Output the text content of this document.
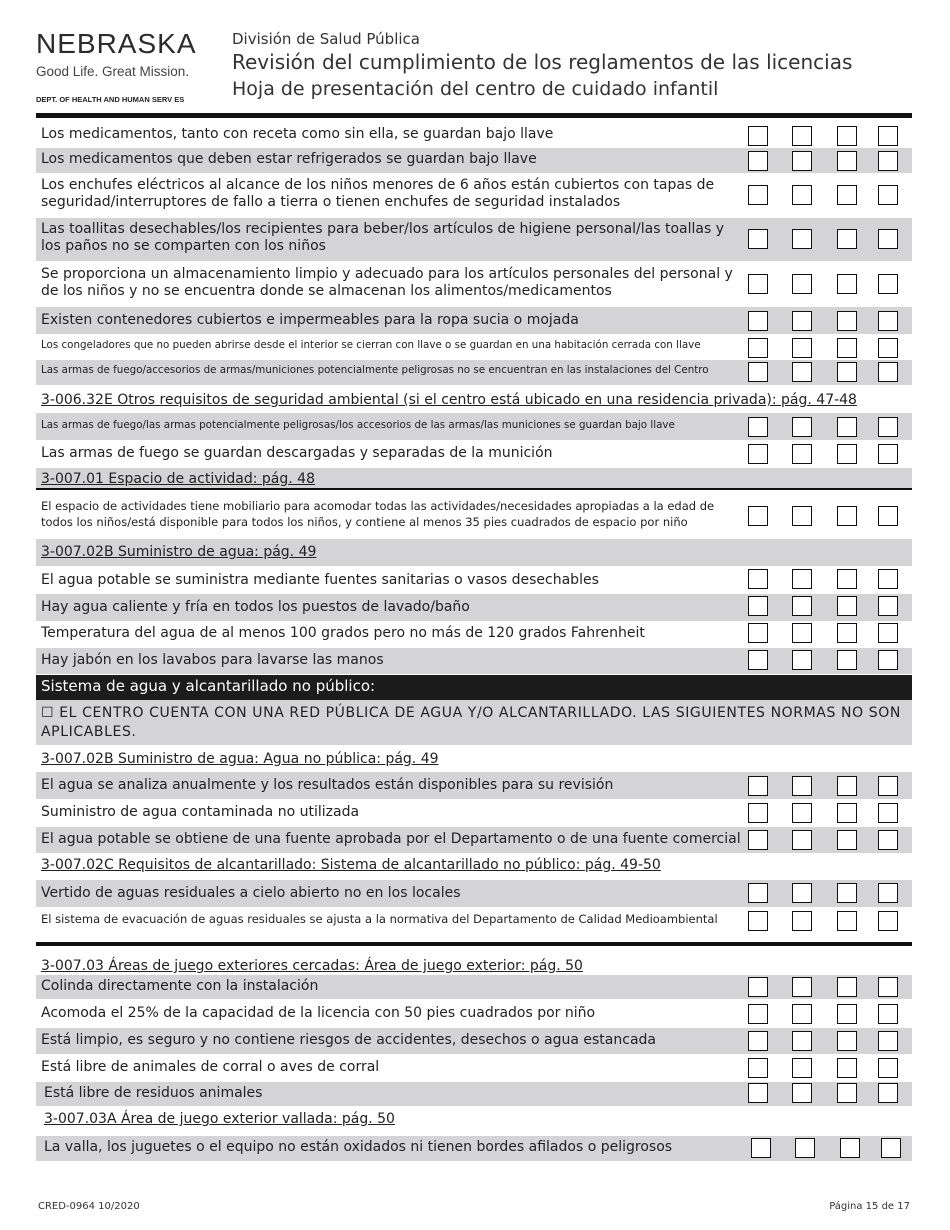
NEBRASKA
Good Life. Great Mission.
DEPT. OF HEALTH AND HUMAN SERV ES
División de Salud Pública
Revisión del cumplimiento de los reglamentos de las licencias
Hoja de presentación del centro de cuidado infantil
Los medicamentos, tanto con receta como sin ella, se guardan bajo llave
Los medicamentos que deben estar refrigerados se guardan bajo llave
Los enchufes eléctricos al alcance de los niños menores de 6 años están cubiertos con tapas de seguridad/interruptores de fallo a tierra o tienen enchufes de seguridad instalados
Las toallitas desechables/los recipientes para beber/los artículos de higiene personal/las toallas y los paños no se comparten con los niños
Se proporciona un almacenamiento limpio y adecuado para los artículos personales del personal y de los niños y no se encuentra donde se almacenan los alimentos/medicamentos
Existen contenedores cubiertos e impermeables para la ropa sucia o mojada
Los congeladores que no pueden abrirse desde el interior se cierran con llave o se guardan en una habitación cerrada con llave
Las armas de fuego/accesorios de armas/municiones potencialmente peligrosas no se encuentran en las instalaciones del Centro
3-006.32E Otros requisitos de seguridad ambiental (si el centro está ubicado en una residencia privada): pág. 47-48
Las armas de fuego/las armas potencialmente peligrosas/los accesorios de las armas/las municiones se guardan bajo llave
Las armas de fuego se guardan descargadas y separadas de la munición
3-007.01 Espacio de actividad: pág. 48
El espacio de actividades tiene mobiliario para acomodar todas las actividades/necesidades apropiadas a la edad de todos los niños/está disponible para todos los niños, y contiene al menos 35 pies cuadrados de espacio por niño
3-007.02B Suministro de agua: pág. 49
El agua potable se suministra mediante fuentes sanitarias o vasos desechables
Hay agua caliente y fría en todos los puestos de lavado/baño
Temperatura del agua de al menos 100 grados pero no más de 120 grados Fahrenheit
Hay jabón en los lavabos para lavarse las manos
Sistema de agua y alcantarillado no público:
☐ EL CENTRO CUENTA CON UNA RED PÚBLICA DE AGUA Y/O ALCANTARILLADO. LAS SIGUIENTES NORMAS NO SON APLICABLES.
3-007.02B Suministro de agua: Agua no pública: pág. 49
El agua se analiza anualmente y los resultados están disponibles para su revisión
Suministro de agua contaminada no utilizada
El agua potable se obtiene de una fuente aprobada por el Departamento o de una fuente comercial
3-007.02C Requisitos de alcantarillado: Sistema de alcantarillado no público: pág. 49-50
Vertido de aguas residuales a cielo abierto no en los locales
El sistema de evacuación de aguas residuales se ajusta a la normativa del Departamento de Calidad Medioambiental
3-007.03 Áreas de juego exteriores cercadas: Área de juego exterior: pág. 50
Colinda directamente con la instalación
Acomoda el 25% de la capacidad de la licencia con 50 pies cuadrados por niño
Está limpio, es seguro y no contiene riesgos de accidentes, desechos o agua estancada
Está libre de animales de corral o aves de corral
Está libre de residuos animales
3-007.03A Área de juego exterior vallada: pág. 50
La valla, los juguetes o el equipo no están oxidados ni tienen bordes afilados o peligrosos
CRED-0964 10/2020	Página 15 de 17
